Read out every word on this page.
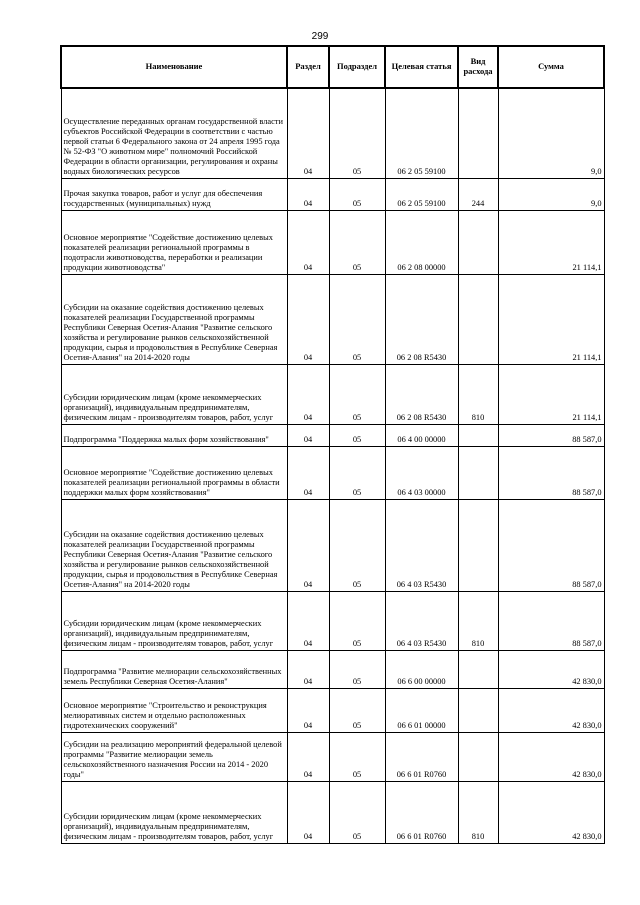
299
Наименование	Раздел	Подраздел	Целевая статья	Вид расхода	Сумма
Осуществление переданных органам государственной власти субъектов Российской Федерации в соответствии с частью первой статьи 6 Федерального закона от 24 апреля 1995 года № 52-ФЗ "О животном мире" полномочий Российской Федерации в области организации, регулирования и охраны водных биологических ресурсов	04	05	06 2 05 59100		9,0
Прочая закупка товаров, работ и услуг для обеспечения государственных (муниципальных) нужд	04	05	06 2 05 59100	244	9,0
Основное мероприятие "Содействие достижению целевых показателей реализации региональной программы в подотрасли животноводства, переработки и реализации продукции животноводства"	04	05	06 2 08 00000		21 114,1
Субсидии на оказание содействия достижению целевых показателей реализации Государственной программы Республики Северная Осетия-Алания "Развитие сельского хозяйства и регулирование рынков сельскохозяйственной продукции, сырья и продовольствия в Республике Северная Осетия-Алания" на 2014-2020 годы	04	05	06 2 08 R5430		21 114,1
Субсидии юридическим лицам (кроме некоммерческих организаций), индивидуальным предпринимателям, физическим лицам - производителям товаров, работ, услуг	04	05	06 2 08 R5430	810	21 114,1
Подпрограмма "Поддержка малых форм хозяйствования"	04	05	06 4 00 00000		88 587,0
Основное мероприятие "Содействие достижению целевых показателей реализации региональной программы в области поддержки малых форм хозяйствования"	04	05	06 4 03 00000		88 587,0
Субсидии на оказание содействия достижению целевых показателей реализации Государственной программы Республики Северная Осетия-Алания "Развитие сельского хозяйства и регулирование рынков сельскохозяйственной продукции, сырья и продовольствия в Республике Северная Осетия-Алания" на 2014-2020 годы	04	05	06 4 03 R5430		88 587,0
Субсидии юридическим лицам (кроме некоммерческих организаций), индивидуальным предпринимателям, физическим лицам - производителям товаров, работ, услуг	04	05	06 4 03 R5430	810	88 587,0
Подпрограмма "Развитие мелиорации сельскохозяйственных земель Республики Северная Осетия-Алания"	04	05	06 6 00 00000		42 830,0
Основное мероприятие "Строительство и реконструкция мелиоративных систем и отдельно расположенных гидротехнических сооружений"	04	05	06 6 01 00000		42 830,0
Субсидии на реализацию мероприятий федеральной целевой программы "Развитие мелиорации земель сельскохозяйственного назначения России на 2014 - 2020 годы"	04	05	06 6 01 R0760		42 830,0
Субсидии юридическим лицам (кроме некоммерческих организаций), индивидуальным предпринимателям, физическим лицам - производителям товаров, работ, услуг	04	05	06 6 01 R0760	810	42 830,0
